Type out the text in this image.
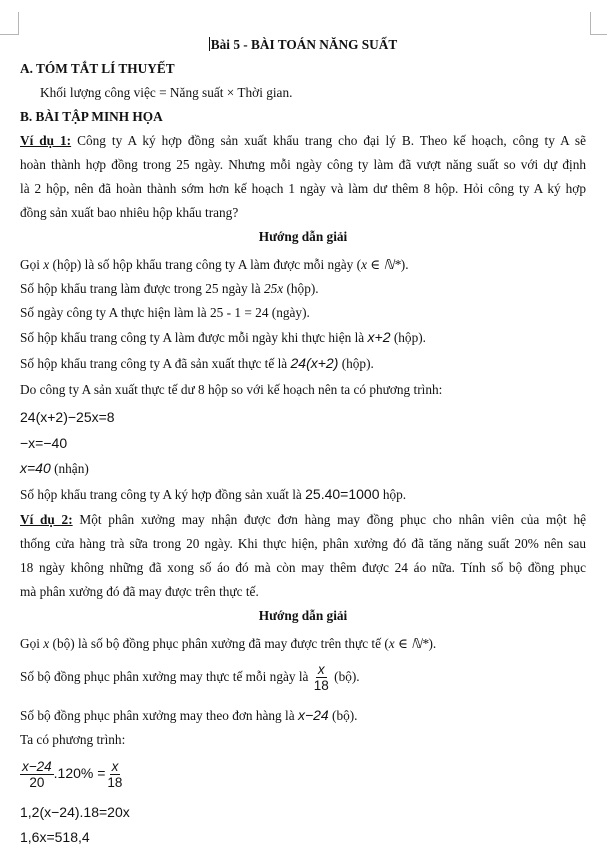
Bài 5 - BÀI TOÁN NĂNG SUẤT
A. TÓM TẮT LÍ THUYẾT
Khối lượng công việc = Năng suất × Thời gian.
B. BÀI TẬP MINH HỌA
Ví dụ 1: Công ty A ký hợp đồng sản xuất khẩu trang cho đại lý B. Theo kế hoạch, công ty A sẽ
hoàn thành hợp đồng trong 25 ngày. Nhưng mỗi ngày công ty làm đã vượt năng suất so với dự định
là 2 hộp, nên đã hoàn thành sớm hơn kế hoạch 1 ngày và làm dư thêm 8 hộp. Hỏi công ty A ký hợp
đồng sản xuất bao nhiêu hộp khẩu trang?
Hướng dẫn giải
Gọi x (hộp) là số hộp khẩu trang công ty A làm được mỗi ngày (x ∈ ℕ*).
Số hộp khẩu trang làm được trong 25 ngày là 25x (hộp).
Số ngày công ty A thực hiện làm là 25 - 1 = 24 (ngày).
Số hộp khẩu trang công ty A làm được mỗi ngày khi thực hiện là x+2 (hộp).
Số hộp khẩu trang công ty A đã sản xuất thực tế là 24(x+2) (hộp).
Do công ty A sản xuất thực tế dư 8 hộp so với kế hoạch nên ta có phương trình:
24(x+2)−25x=8
−x=−40
x=40 (nhận)
Số hộp khẩu trang công ty A ký hợp đồng sản xuất là 25.40=1000 hộp.
Ví dụ 2: Một phân xưởng may nhận được đơn hàng may đồng phục cho nhân viên của một hệ
thống cửa hàng trà sữa trong 20 ngày. Khi thực hiện, phân xưởng đó đã tăng năng suất 20% nên sau
18 ngày không những đã xong số áo đó mà còn may thêm được 24 áo nữa. Tính số bộ đồng phục
mà phân xưởng đó đã may được trên thực tế.
Hướng dẫn giải
Gọi x (bộ) là số bộ đồng phục phân xưởng đã may được trên thực tế (x ∈ ℕ*).
Số bộ đồng phục phân xưởng may thực tế mỗi ngày là $\frac{x}{18}$ (bộ).
Số bộ đồng phục phân xưởng may theo đơn hàng là x−24 (bộ).
Ta có phương trình:
$\frac{x-24}{20} .120\% = \frac{x}{18}$
1,2(x−24).18=20x
1,6x=518,4
